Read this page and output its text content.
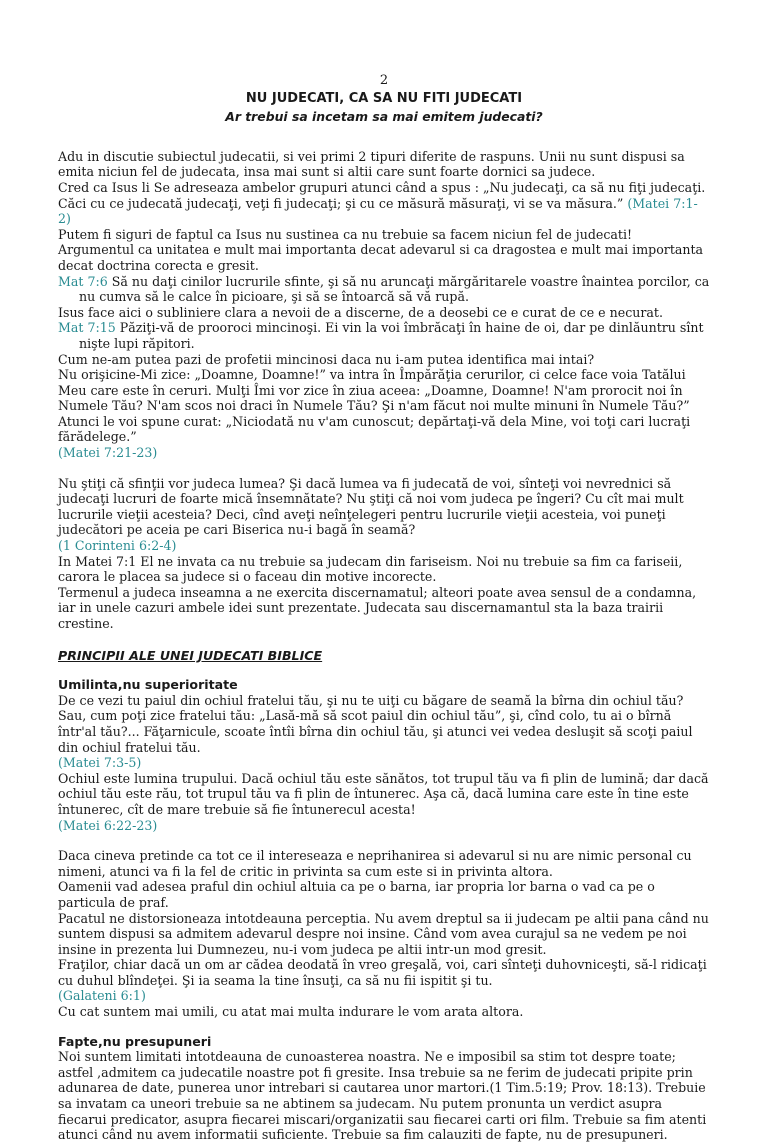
2
NU JUDECATI, CA SA NU FITI JUDECATI
Ar trebui sa incetam sa mai emitem judecati?

Adu in discutie subiectul judecatii, si vei primi 2 tipuri diferite de raspuns. Unii nu sunt dispusi sa emita niciun fel de judecata, insa mai sunt si altii care sunt foarte dornici sa judece.

Cred ca Isus li Se adreseaza ambelor grupuri atunci când a spus : „Nu judecaţi, ca să nu fiţi judecaţi. Căci cu ce judecată judecaţi, veţi fi judecaţi; şi cu ce măsură măsuraţi, vi se va măsura.” (Matei 7:1-2)

Putem fi siguri de faptul ca Isus nu sustinea ca nu trebuie sa facem niciun fel de judecati! Argumentul ca unitatea e mult mai importanta decat adevarul si ca dragostea e mult mai importanta decat doctrina corecta e gresit.

Mat 7:6 Să nu daţi cinilor lucrurile sfinte, şi să nu aruncaţi mărgăritarele voastre înaintea porcilor, ca nu cumva să le calce în picioare, şi să se întoarcă să vă rupă.

Isus face aici o subliniere clara a nevoii de a discerne, de a deosebi ce e curat de ce e necurat.

Mat 7:15 Păziţi-vă de prooroci mincinoşi. Ei vin la voi îmbrăcaţi în haine de oi, dar pe dinlăuntru sînt nişte lupi răpitori.

Cum ne-am putea pazi de profetii mincinosi daca nu i-am putea identifica mai intai?

Nu orişicine-Mi zice: „Doamne, Doamne!” va intra în Împărăţia cerurilor, ci celce face voia Tatălui Meu care este în ceruri. Mulţi Îmi vor zice în ziua aceea: „Doamne, Doamne! N'am prorocit noi în Numele Tău? N'am scos noi draci în Numele Tău? Şi n'am făcut noi multe minuni în Numele Tău?” Atunci le voi spune curat: „Niciodată nu v'am cunoscut; depărtaţi-vă dela Mine, voi toţi cari lucraţi fărădelege.”

(Matei 7:21-23)

Nu ştiţi că sfinţii vor judeca lumea? Şi dacă lumea va fi judecată de voi, sînteţi voi nevrednici să judecaţi lucruri de foarte mică însemnătate? Nu ştiţi că noi vom judeca pe îngeri? Cu cît mai mult lucrurile vieţii acesteia? Deci, cînd aveţi neînţelegeri pentru lucrurile vieţii acesteia, voi puneţi judecători pe aceia pe cari Biserica nu-i bagă în seamă?

(1 Corinteni 6:2-4)

In Matei 7:1 El ne invata ca nu trebuie sa judecam din fariseism. Noi nu trebuie sa fim ca fariseii, carora le placea sa judece si o faceau din motive incorecte.

Termenul a judeca inseamna a ne exercita discernamatul; alteori poate avea sensul de a condamna, iar in unele cazuri ambele idei sunt prezentate. Judecata sau discernamantul sta la baza trairii crestine.

PRINCIPII ALE UNEI JUDECATI BIBLICE
Umilinta,nu superioritate

De ce vezi tu paiul din ochiul fratelui tău, şi nu te uiţi cu băgare de seamă la bîrna din ochiul tău? Sau, cum poţi zice fratelui tău: „Lasă-mă să scot paiul din ochiul tău”, şi, cînd colo, tu ai o bîrnă într'al tău?... Făţarnicule, scoate întîi bîrna din ochiul tău, şi atunci vei vedea desluşit să scoţi paiul din ochiul fratelui tău.

(Matei 7:3-5)

Ochiul este lumina trupului. Dacă ochiul tău este sănătos, tot trupul tău va fi plin de lumină; dar dacă ochiul tău este rău, tot trupul tău va fi plin de întunerec. Aşa că, dacă lumina care este în tine este întunerec, cît de mare trebuie să fie întunerecul acesta!

(Matei 6:22-23)

Daca cineva pretinde ca tot ce il intereseaza e neprihanirea si adevarul si nu are nimic personal cu nimeni, atunci va fi la fel de critic in privinta sa cum este si in privinta altora.

Oamenii vad adesea praful din ochiul altuia ca pe o barna, iar propria lor barna o vad ca pe o particula de praf.

Pacatul ne distorsioneaza intotdeauna perceptia. Nu avem dreptul sa ii judecam pe altii pana când nu suntem dispusi sa admitem adevarul despre noi insine. Când vom avea curajul sa ne vedem pe noi insine in prezenta lui Dumnezeu, nu-i vom judeca pe altii intr-un mod gresit.

Fraţilor, chiar dacă un om ar cădea deodată în vreo greşală, voi, cari sînteţi duhovniceşti, să-l ridicaţi cu duhul blîndeţei. Şi ia seama la tine însuţi, ca să nu fii ispitit şi tu.

(Galateni 6:1)

Cu cat suntem mai umili, cu atat mai multa indurare le vom arata altora.

Fapte,nu presupuneri

Noi suntem limitati intotdeauna de cunoasterea noastra. Ne e imposibil sa stim tot despre toate; astfel ,admitem ca judecatile noastre pot fi gresite. Insa trebuie sa ne ferim de judecati pripite prin adunarea de date, punerea unor intrebari si cautarea unor martori.(1 Tim.5:19; Prov. 18:13). Trebuie sa invatam ca uneori trebuie sa ne abtinem sa judecam. Nu putem pronunta un verdict asupra fiecarui predicator, asupra fiecarei miscari/organizatii sau fiecarei carti ori film. Trebuie sa fim atenti atunci când nu avem informatii suficiente. Trebuie sa fim calauziti de fapte, nu de presupuneri.
